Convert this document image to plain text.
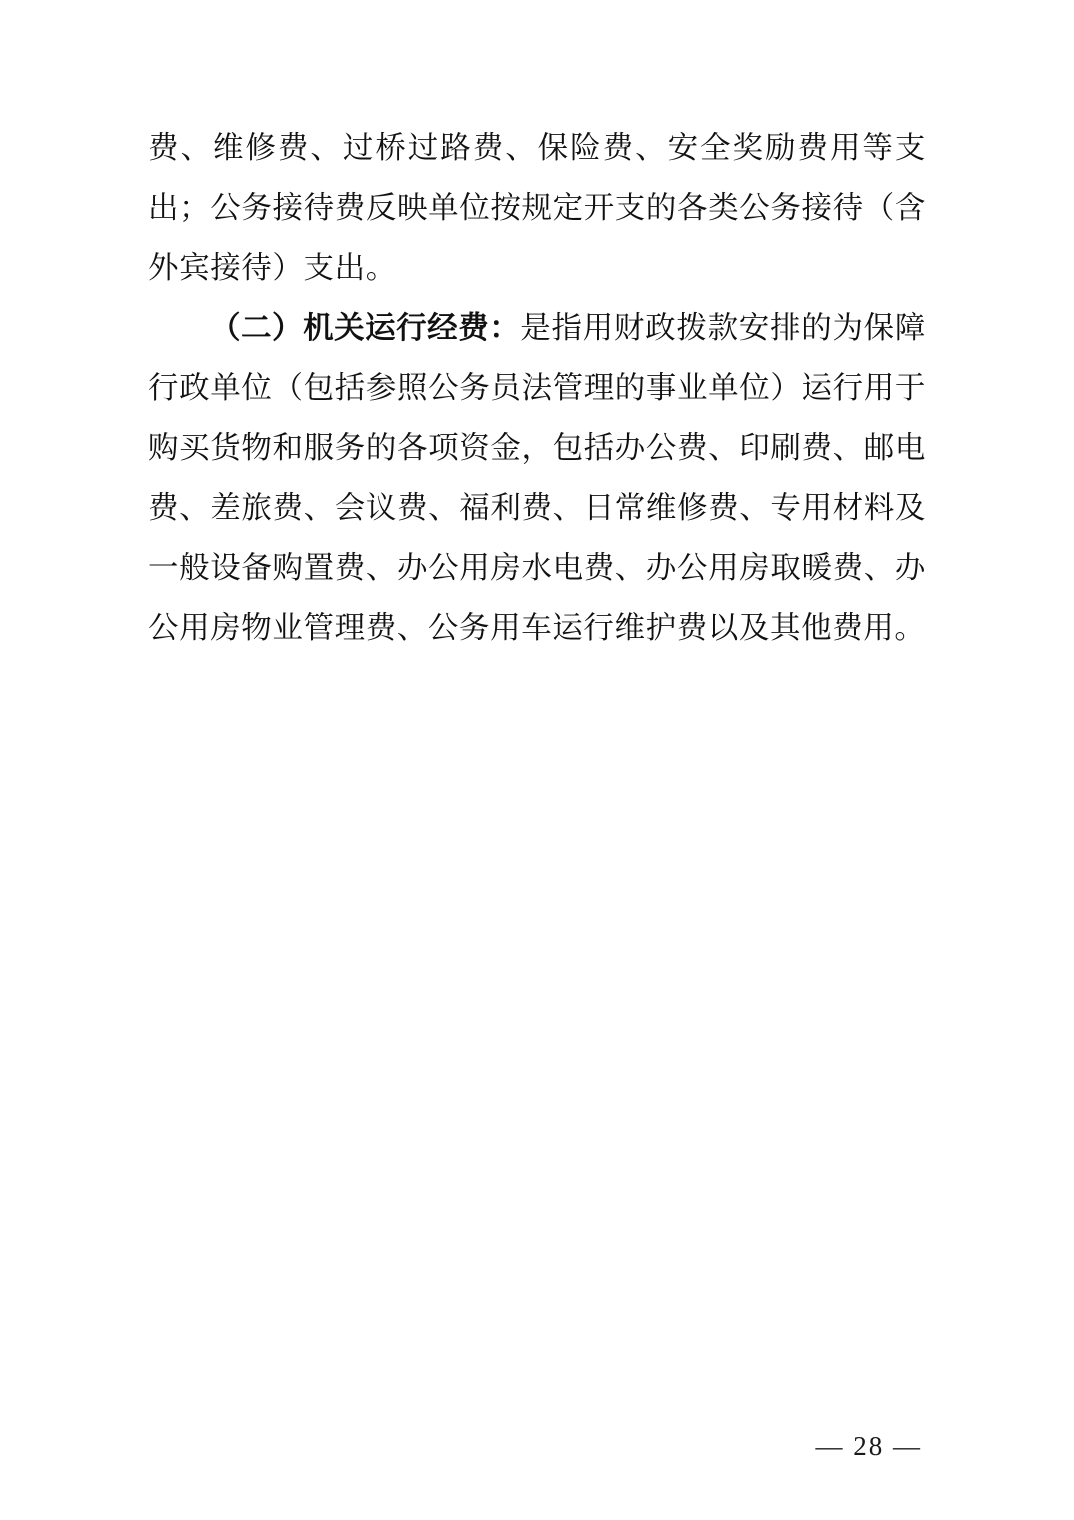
费、维修费、过桥过路费、保险费、安全奖励费用等支出；公务接待费反映单位按规定开支的各类公务接待（含外宾接待）支出。

（二）机关运行经费：是指用财政拨款安排的为保障行政单位（包括参照公务员法管理的事业单位）运行用于购买货物和服务的各项资金，包括办公费、印刷费、邮电费、差旅费、会议费、福利费、日常维修费、专用材料及一般设备购置费、办公用房水电费、办公用房取暖费、办公用房物业管理费、公务用车运行维护费以及其他费用。

— 28 —
